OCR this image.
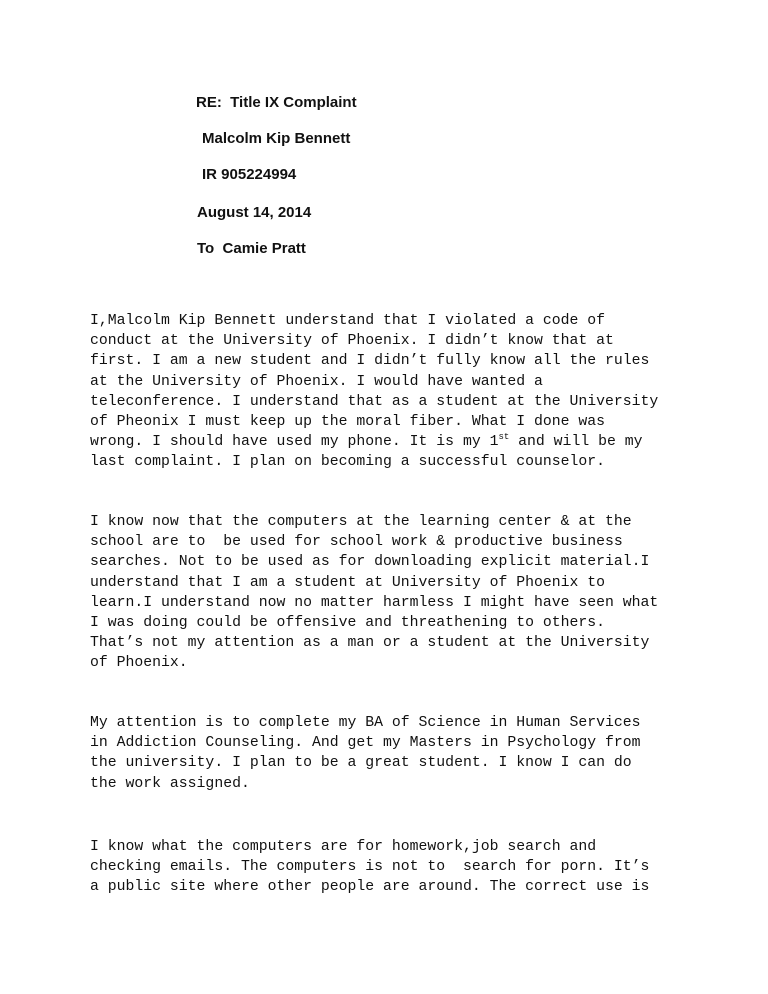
RE:  Title IX Complaint
Malcolm Kip Bennett
IR 905224994
August 14, 2014
To  Camie Pratt
I,Malcolm Kip Bennett understand that I violated a code of
conduct at the University of Phoenix. I didn’t know that at
first. I am a new student and I didn’t fully know all the rules
at the University of Phoenix. I would have wanted a
teleconference. I understand that as a student at the University
of Pheonix I must keep up the moral fiber. What I done was
wrong. I should have used my phone. It is my 1st and will be my
last complaint. I plan on becoming a successful counselor.
I know now that the computers at the learning center & at the
school are to  be used for school work & productive business
searches. Not to be used as for downloading explicit material.I
understand that I am a student at University of Phoenix to
learn.I understand now no matter harmless I might have seen what
I was doing could be offensive and threathening to others.
That’s not my attention as a man or a student at the University
of Phoenix.
My attention is to complete my BA of Science in Human Services
in Addiction Counseling. And get my Masters in Psychology from
the university. I plan to be a great student. I know I can do
the work assigned.
I know what the computers are for homework,job search and
checking emails. The computers is not to  search for porn. It’s
a public site where other people are around. The correct use is
